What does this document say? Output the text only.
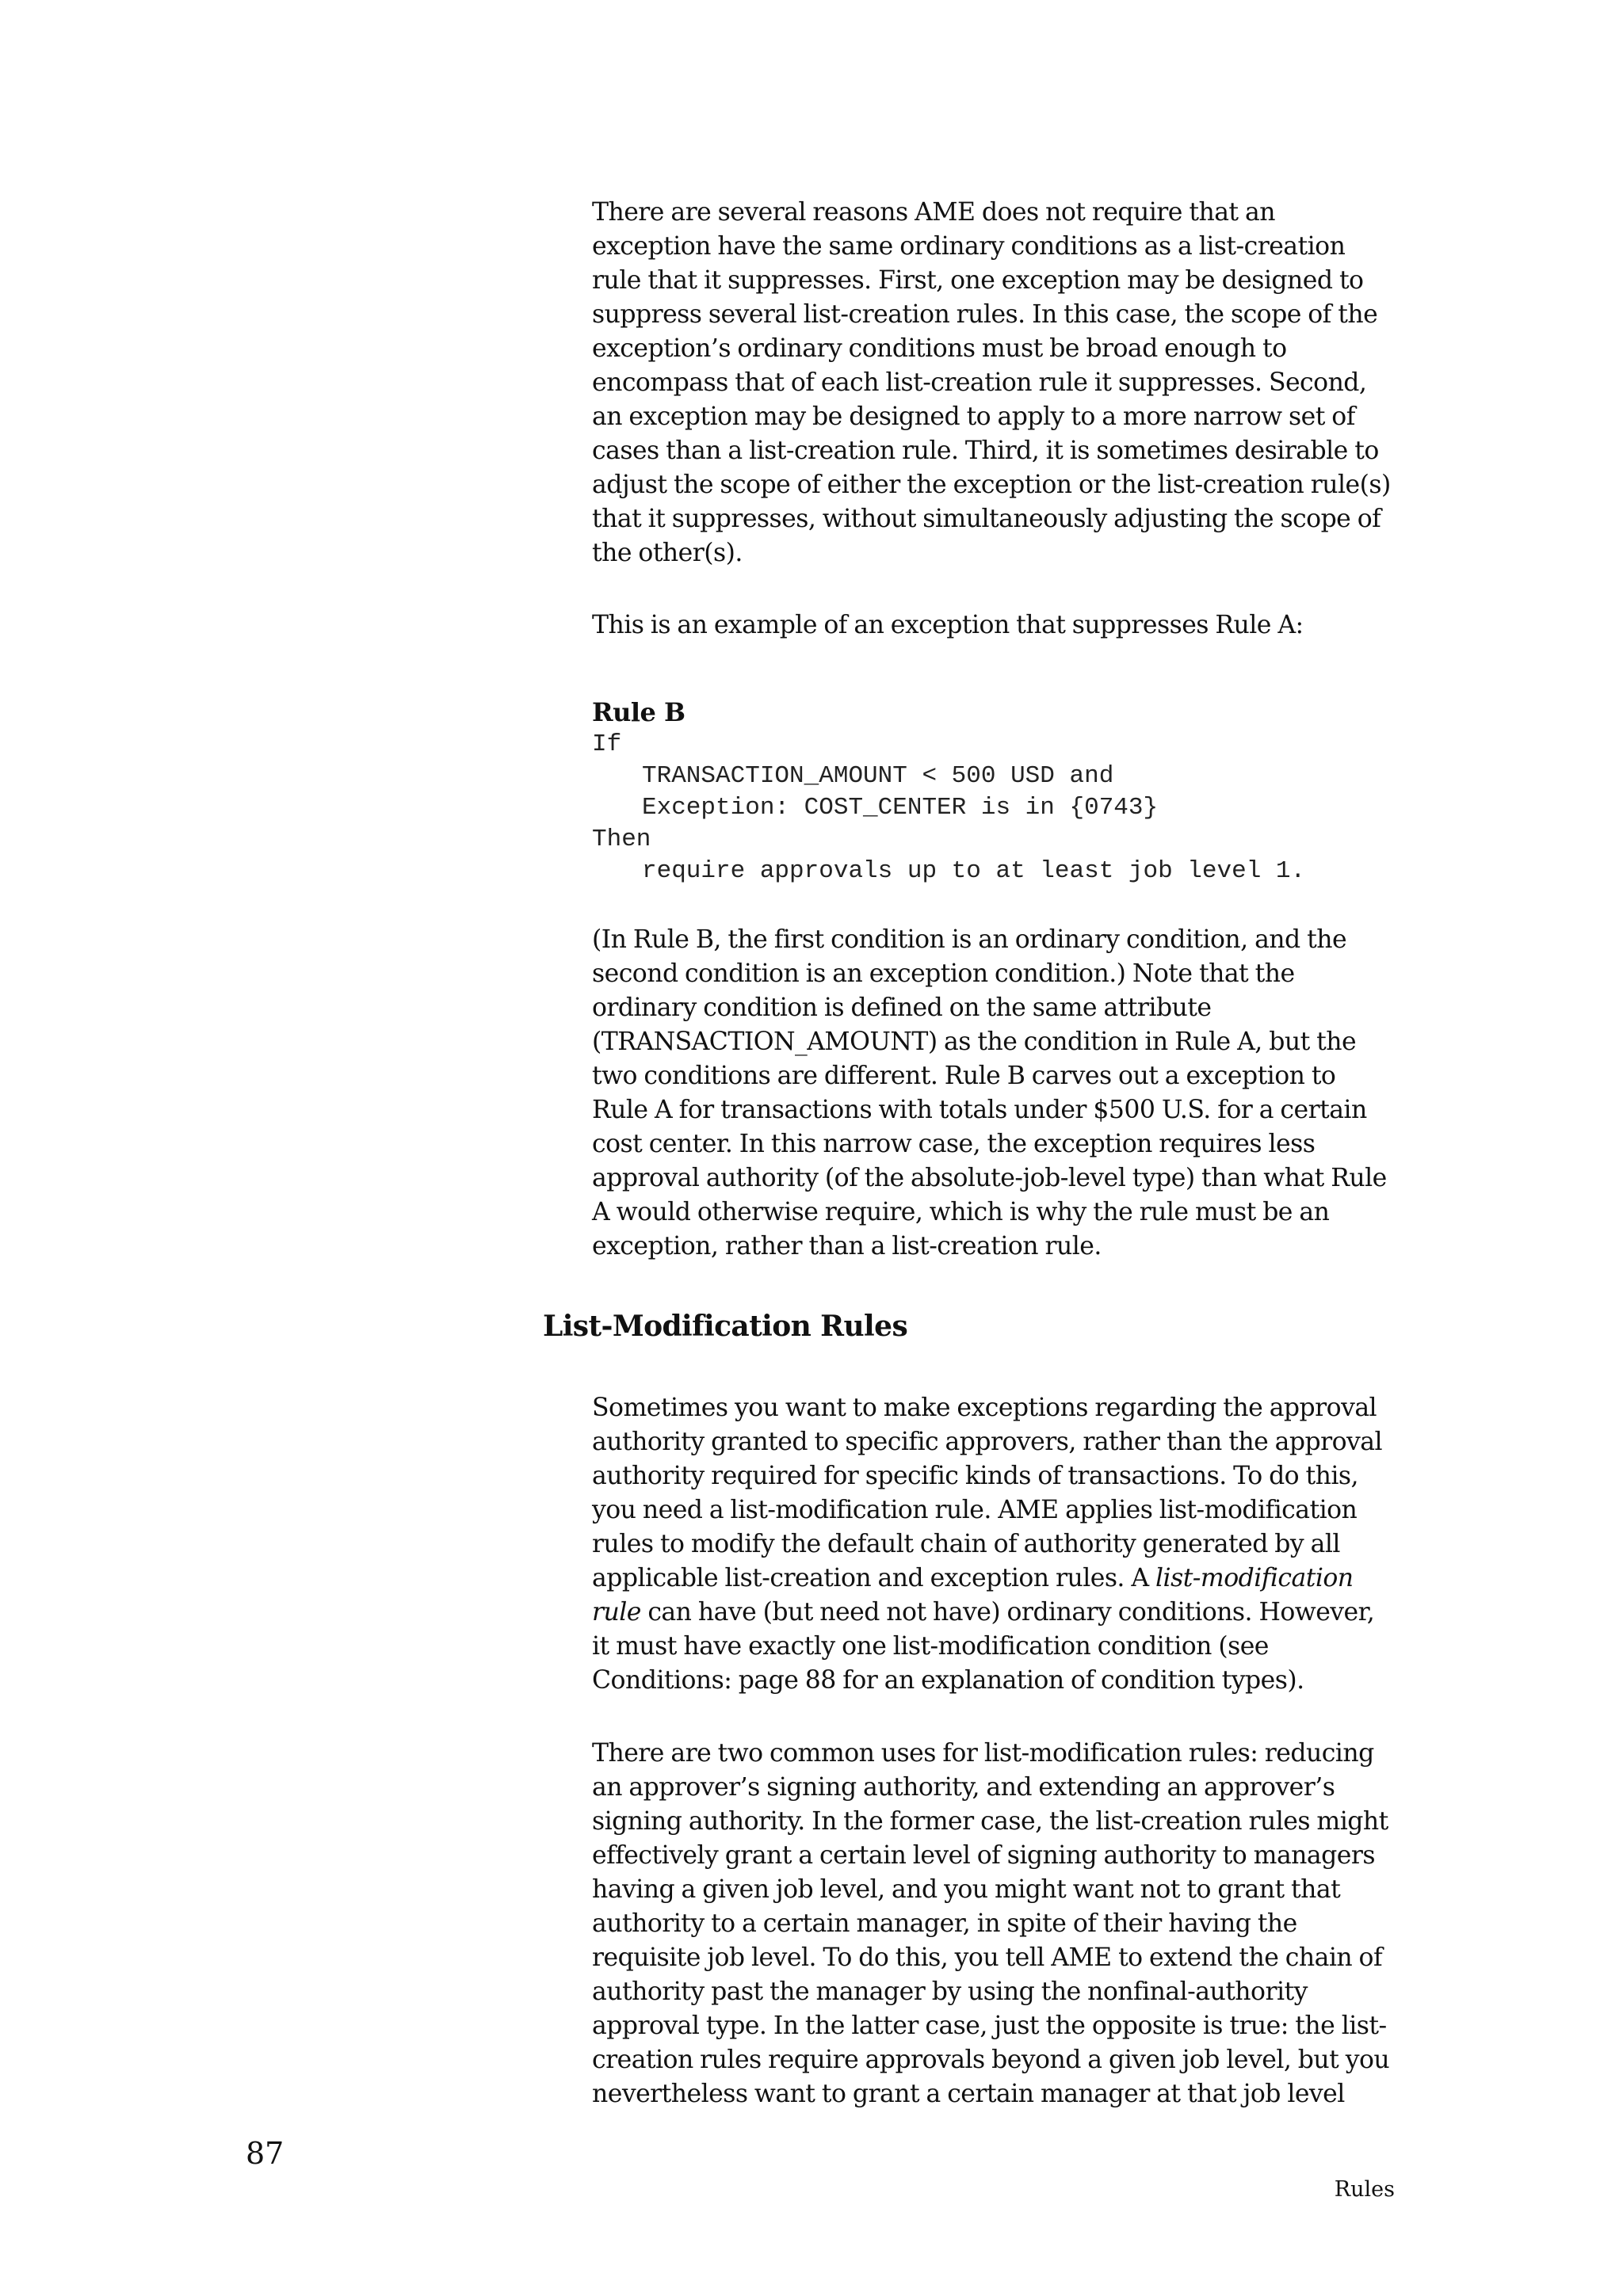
There are several reasons AME does not require that an exception have the same ordinary conditions as a list-creation rule that it suppresses. First, one exception may be designed to suppress several list-creation rules. In this case, the scope of the exception’s ordinary conditions must be broad enough to encompass that of each list-creation rule it suppresses. Second, an exception may be designed to apply to a more narrow set of cases than a list-creation rule. Third, it is sometimes desirable to adjust the scope of either the exception or the list-creation rule(s) that it suppresses, without simultaneously adjusting the scope of the other(s).

This is an example of an exception that suppresses Rule A:

Rule B

If

TRANSACTION_AMOUNT < 500 USD and

Exception: COST_CENTER is in {0743}

Then

require approvals up to at least job level 1.

(In Rule B, the first condition is an ordinary condition, and the second condition is an exception condition.) Note that the ordinary condition is defined on the same attribute (TRANSACTION_AMOUNT) as the condition in Rule A, but the two conditions are different. Rule B carves out a exception to Rule A for transactions with totals under $500 U.S. for a certain cost center. In this narrow case, the exception requires less approval authority (of the absolute-job-level type) than what Rule A would otherwise require, which is why the rule must be an exception, rather than a list-creation rule.

List-Modification Rules

Sometimes you want to make exceptions regarding the approval authority granted to specific approvers, rather than the approval authority required for specific kinds of transactions. To do this, you need a list-modification rule. AME applies list-modification rules to modify the default chain of authority generated by all applicable list-creation and exception rules. A list-modification rule can have (but need not have) ordinary conditions. However, it must have exactly one list-modification condition (see Conditions: page 88 for an explanation of condition types).

There are two common uses for list-modification rules: reducing an approver’s signing authority, and extending an approver’s signing authority. In the former case, the list-creation rules might effectively grant a certain level of signing authority to managers having a given job level, and you might want not to grant that authority to a certain manager, in spite of their having the requisite job level. To do this, you tell AME to extend the chain of authority past the manager by using the nonfinal-authority approval type. In the latter case, just the opposite is true: the list-creation rules require approvals beyond a given job level, but you nevertheless want to grant a certain manager at that job level

87
Rules
